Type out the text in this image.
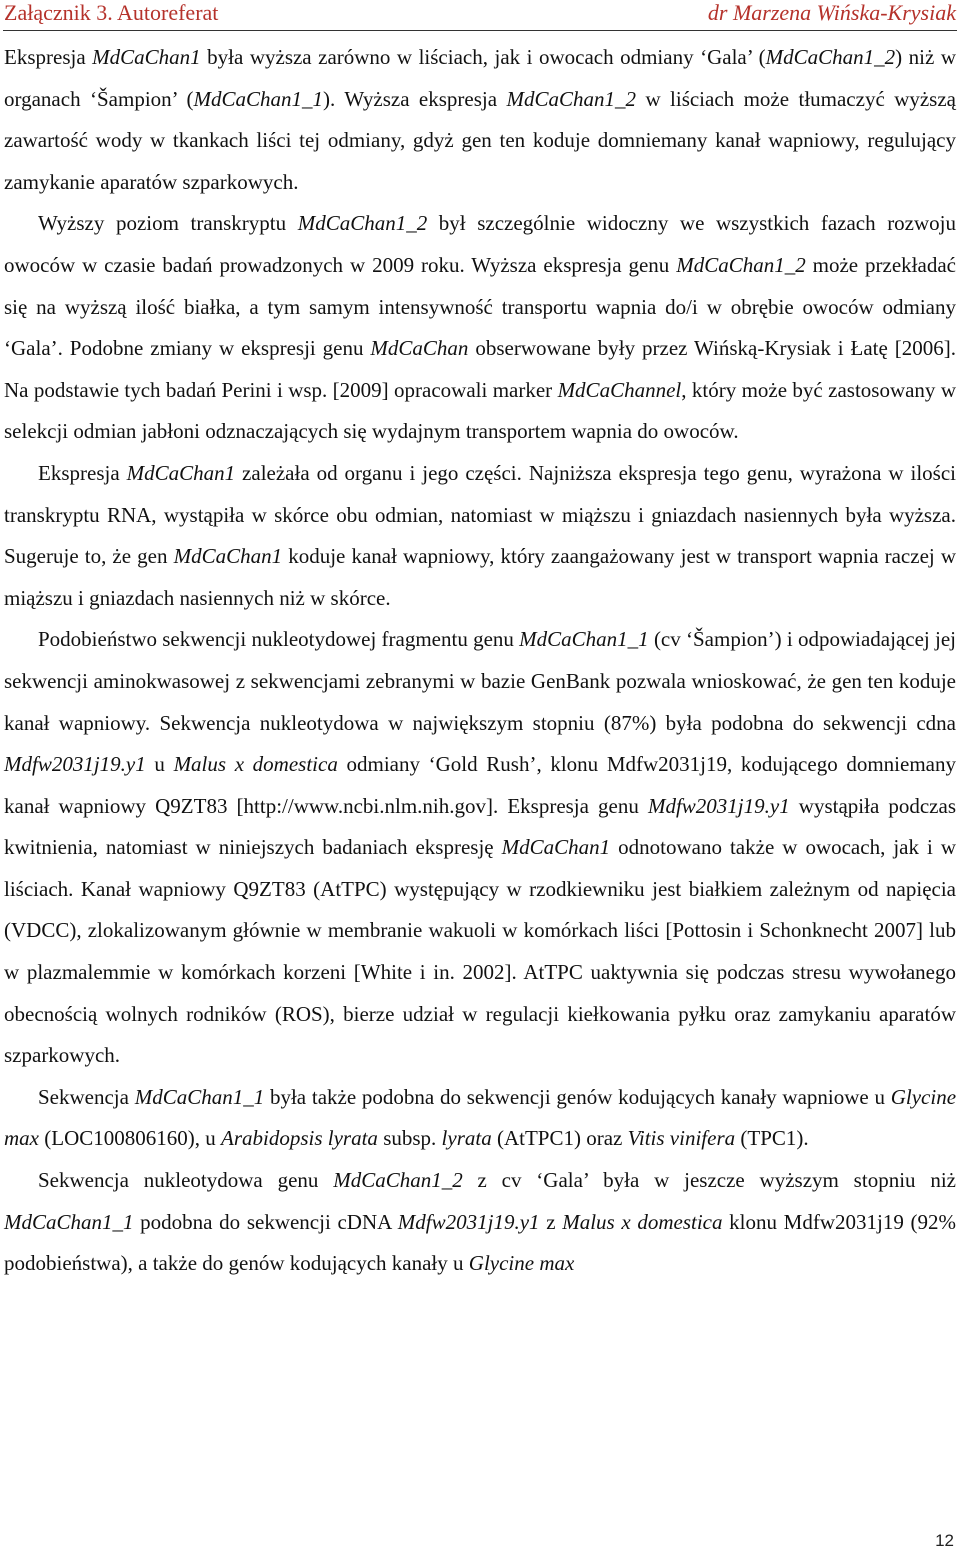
Załącznik 3. Autoreferat	dr Marzena Wińska-Krysiak

Ekspresja MdCaChan1 była wyższa zarówno w liściach, jak i owocach odmiany ‘Gala’ (MdCaChan1_2) niż w organach ‘Šampion’ (MdCaChan1_1). Wyższa ekspresja MdCaChan1_2 w liściach może tłumaczyć wyższą zawartość wody w tkankach liści tej odmiany, gdyż gen ten koduje domniemany kanał wapniowy, regulujący zamykanie aparatów szparkowych.

Wyższy poziom transkryptu MdCaChan1_2 był szczególnie widoczny we wszystkich fazach rozwoju owoców w czasie badań prowadzonych w 2009 roku. Wyższa ekspresja genu MdCaChan1_2 może przekładać się na wyższą ilość białka, a tym samym intensywność transportu wapnia do/i w obrębie owoców odmiany ‘Gala’. Podobne zmiany w ekspresji genu MdCaChan obserwowane były przez Wińską-Krysiak i Łatę [2006]. Na podstawie tych badań Perini i wsp. [2009] opracowali marker MdCaChannel, który może być zastosowany w selekcji odmian jabłoni odznaczających się wydajnym transportem wapnia do owoców.

Ekspresja MdCaChan1 zależała od organu i jego części. Najniższa ekspresja tego genu, wyrażona w ilości transkryptu RNA, wystąpiła w skórce obu odmian, natomiast w miąższu i gniazdach nasiennych była wyższa. Sugeruje to, że gen MdCaChan1 koduje kanał wapniowy, który zaangażowany jest w transport wapnia raczej w miąższu i gniazdach nasiennych niż w skórce.

Podobieństwo sekwencji nukleotydowej fragmentu genu MdCaChan1_1 (cv ‘Šampion’) i odpowiadającej jej sekwencji aminokwasowej z sekwencjami zebranymi w bazie GenBank pozwala wnioskować, że gen ten koduje kanał wapniowy. Sekwencja nukleotydowa w największym stopniu (87%) była podobna do sekwencji cdna Mdfw2031j19.y1 u Malus x domestica odmiany ‘Gold Rush’, klonu Mdfw2031j19, kodującego domniemany kanał wapniowy Q9ZT83 [http://www.ncbi.nlm.nih.gov]. Ekspresja genu Mdfw2031j19.y1 wystąpiła podczas kwitnienia, natomiast w niniejszych badaniach ekspresję MdCaChan1 odnotowano także w owocach, jak i w liściach. Kanał wapniowy Q9ZT83 (AtTPC) występujący w rzodkiewniku jest białkiem zależnym od napięcia (VDCC), zlokalizowanym głównie w membranie wakuoli w komórkach liści [Pottosin i Schonknecht 2007] lub w plazmalemmie w komórkach korzeni [White i in. 2002]. AtTPC uaktywnia się podczas stresu wywołanego obecnością wolnych rodników (ROS), bierze udział w regulacji kiełkowania pyłku oraz zamykaniu aparatów szparkowych.

Sekwencja MdCaChan1_1 była także podobna do sekwencji genów kodujących kanały wapniowe u Glycine max (LOC100806160), u Arabidopsis lyrata subsp. lyrata (AtTPC1) oraz Vitis vinifera (TPC1).

Sekwencja nukleotydowa genu MdCaChan1_2 z cv ‘Gala’ była w jeszcze wyższym stopniu niż MdCaChan1_1 podobna do sekwencji cDNA Mdfw2031j19.y1 z Malus x domestica klonu Mdfw2031j19 (92% podobieństwa), a także do genów kodujących kanały u Glycine max

12
